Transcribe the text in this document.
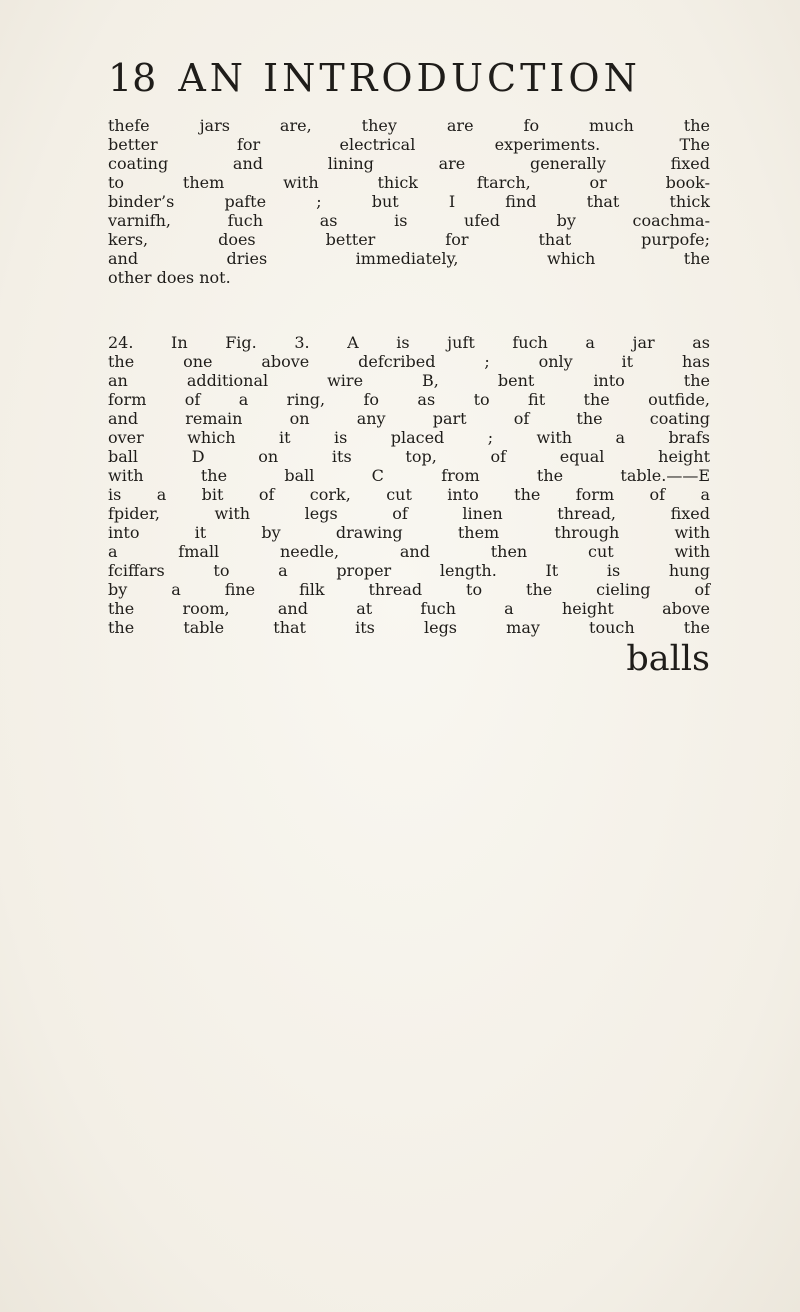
18 AN INTRODUCTION
thefe jars are, they are fo much the
better for electrical experiments. The
coating and lining are generally fixed
to them with thick ftarch, or book-
binder’s pafte ; but I find that thick
varnifh, fuch as is ufed by coachma-
kers, does better for that purpofe;
and dries immediately, which the
other does not.
24. In Fig. 3. A is juft fuch a jar as
the one above defcribed ; only it has
an additional wire B, bent into the
form of a ring, fo as to fit the outfide,
and remain on any part of the coating
over which it is placed ; with a brafs
ball D on its top, of equal height
with the ball C from the table.——E
is a bit of cork, cut into the form of a
fpider, with legs of linen thread, fixed
into it by drawing them through with
a fmall needle, and then cut with
fciffars to a proper length. It is hung
by a fine filk thread to the cieling of
the room, and at fuch a height above
the table that its legs may touch the
balls
